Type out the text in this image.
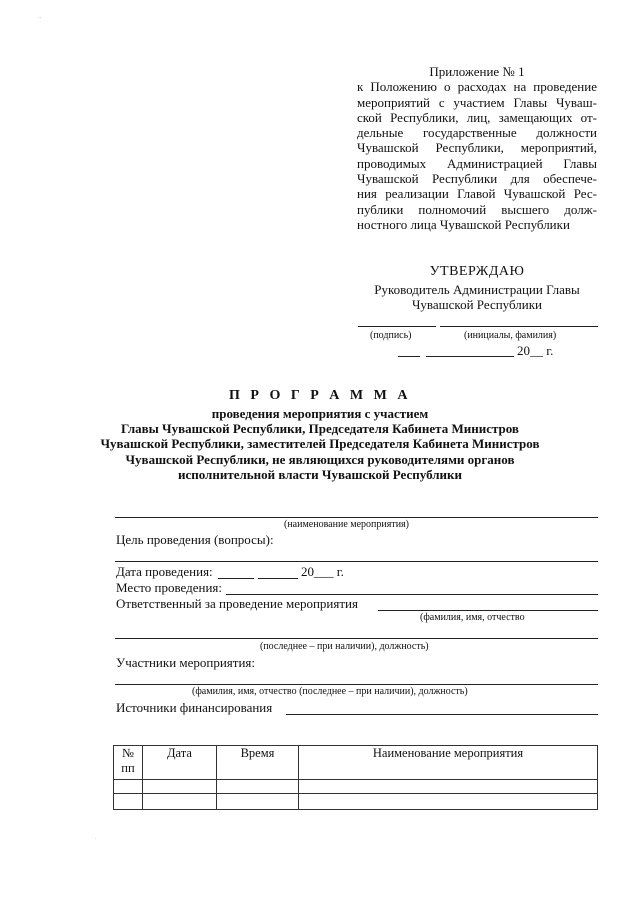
..
Приложение № 1
к Положению о расходах на проведение
мероприятий с участием Главы Чуваш-
ской Республики, лиц, замещающих от-
дельные государственные должности
Чувашской Республики, мероприятий,
проводимых Администрацией Главы
Чувашской Республики для обеспече-
ния реализации Главой Чувашской Рес-
публики полномочий высшего долж-
ностного лица Чувашской Республики
УТВЕРЖДАЮ
Руководитель Администрации Главы
Чувашской Республики
(подпись)	(инициалы, фамилия)
20__ г.
П Р О Г Р А М М А
проведения мероприятия с участием
Главы Чувашской Республики, Председателя Кабинета Министров
Чувашской Республики, заместителей Председателя Кабинета Министров
Чувашской Республики, не являющихся руководителями органов
исполнительной власти Чувашской Республики
(наименование мероприятия)
Цель проведения (вопросы):
Дата проведения:	20___ г.
Место проведения:
Ответственный за проведение мероприятия
(фамилия, имя, отчество
(последнее – при наличии), должность)
Участники мероприятия:
(фамилия, имя, отчество (последнее – при наличии), должность)
Источники финансирования
№
пп	Дата	Время	Наименование мероприятия

.
